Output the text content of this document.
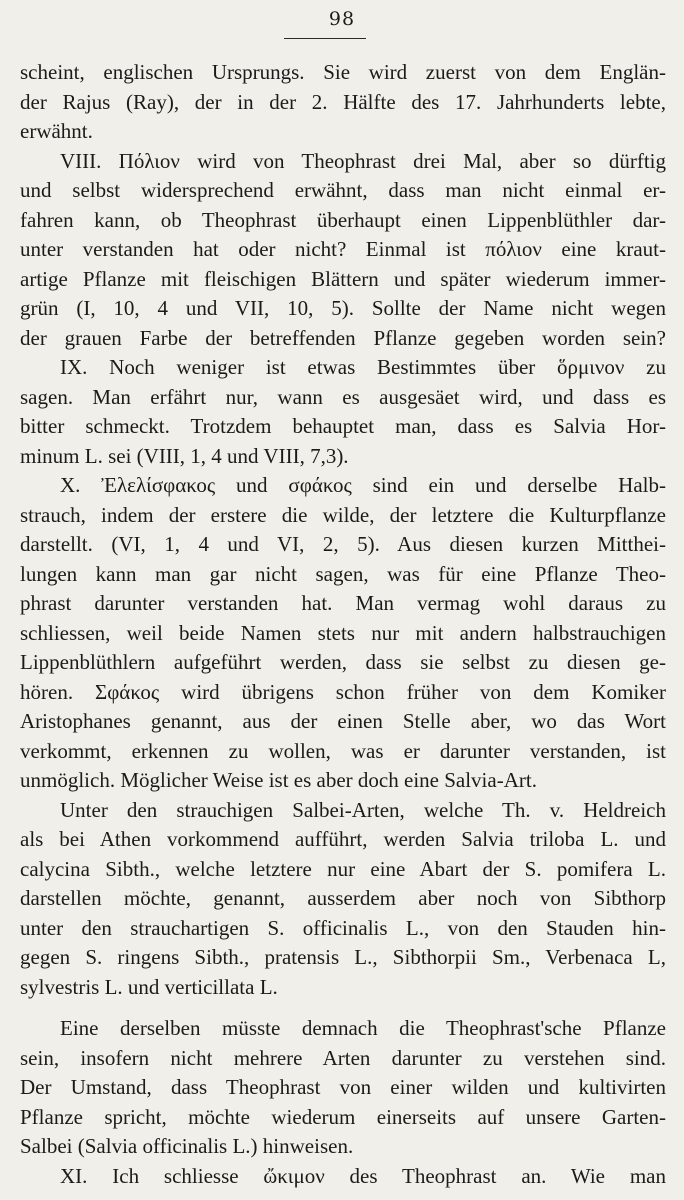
98
scheint, englischen Ursprungs. Sie wird zuerst von dem Englän-
der Rajus (Ray), der in der 2. Hälfte des 17. Jahrhunderts lebte,
erwähnt.
VIII. Πόλιον wird von Theophrast drei Mal, aber so dürftig
und selbst widersprechend erwähnt, dass man nicht einmal er-
fahren kann, ob Theophrast überhaupt einen Lippenblüthler dar-
unter verstanden hat oder nicht? Einmal ist πόλιον eine kraut-
artige Pflanze mit fleischigen Blättern und später wiederum immer-
grün (I, 10, 4 und VII, 10, 5). Sollte der Name nicht wegen
der grauen Farbe der betreffenden Pflanze gegeben worden sein?
IX. Noch weniger ist etwas Bestimmtes über ὅρμινον zu
sagen. Man erfährt nur, wann es ausgesäet wird, und dass es
bitter schmeckt. Trotzdem behauptet man, dass es Salvia Hor-
minum L. sei (VIII, 1, 4 und VIII, 7,3).
X. Ἐλελίσφακος und σφάκος sind ein und derselbe Halb-
strauch, indem der erstere die wilde, der letztere die Kulturpflanze
darstellt. (VI, 1, 4 und VI, 2, 5). Aus diesen kurzen Mitthei-
lungen kann man gar nicht sagen, was für eine Pflanze Theo-
phrast darunter verstanden hat. Man vermag wohl daraus zu
schliessen, weil beide Namen stets nur mit andern halbstrauchigen
Lippenblüthlern aufgeführt werden, dass sie selbst zu diesen ge-
hören. Σφάκος wird übrigens schon früher von dem Komiker
Aristophanes genannt, aus der einen Stelle aber, wo das Wort
verkommt, erkennen zu wollen, was er darunter verstanden, ist
unmöglich. Möglicher Weise ist es aber doch eine Salvia-Art.
Unter den strauchigen Salbei-Arten, welche Th. v. Heldreich
als bei Athen vorkommend aufführt, werden Salvia triloba L. und
calycina Sibth., welche letztere nur eine Abart der S. pomifera L.
darstellen möchte, genannt, ausserdem aber noch von Sibthorp
unter den strauchartigen S. officinalis L., von den Stauden hin-
gegen S. ringens Sibth., pratensis L., Sibthorpii Sm., Verbenaca L,
sylvestris L. und verticillata L.
Eine derselben müsste demnach die Theophrast'sche Pflanze
sein, insofern nicht mehrere Arten darunter zu verstehen sind.
Der Umstand, dass Theophrast von einer wilden und kultivirten
Pflanze spricht, möchte wiederum einerseits auf unsere Garten-
Salbei (Salvia officinalis L.) hinweisen.
XI. Ich schliesse ὤκιμον des Theophrast an. Wie man
